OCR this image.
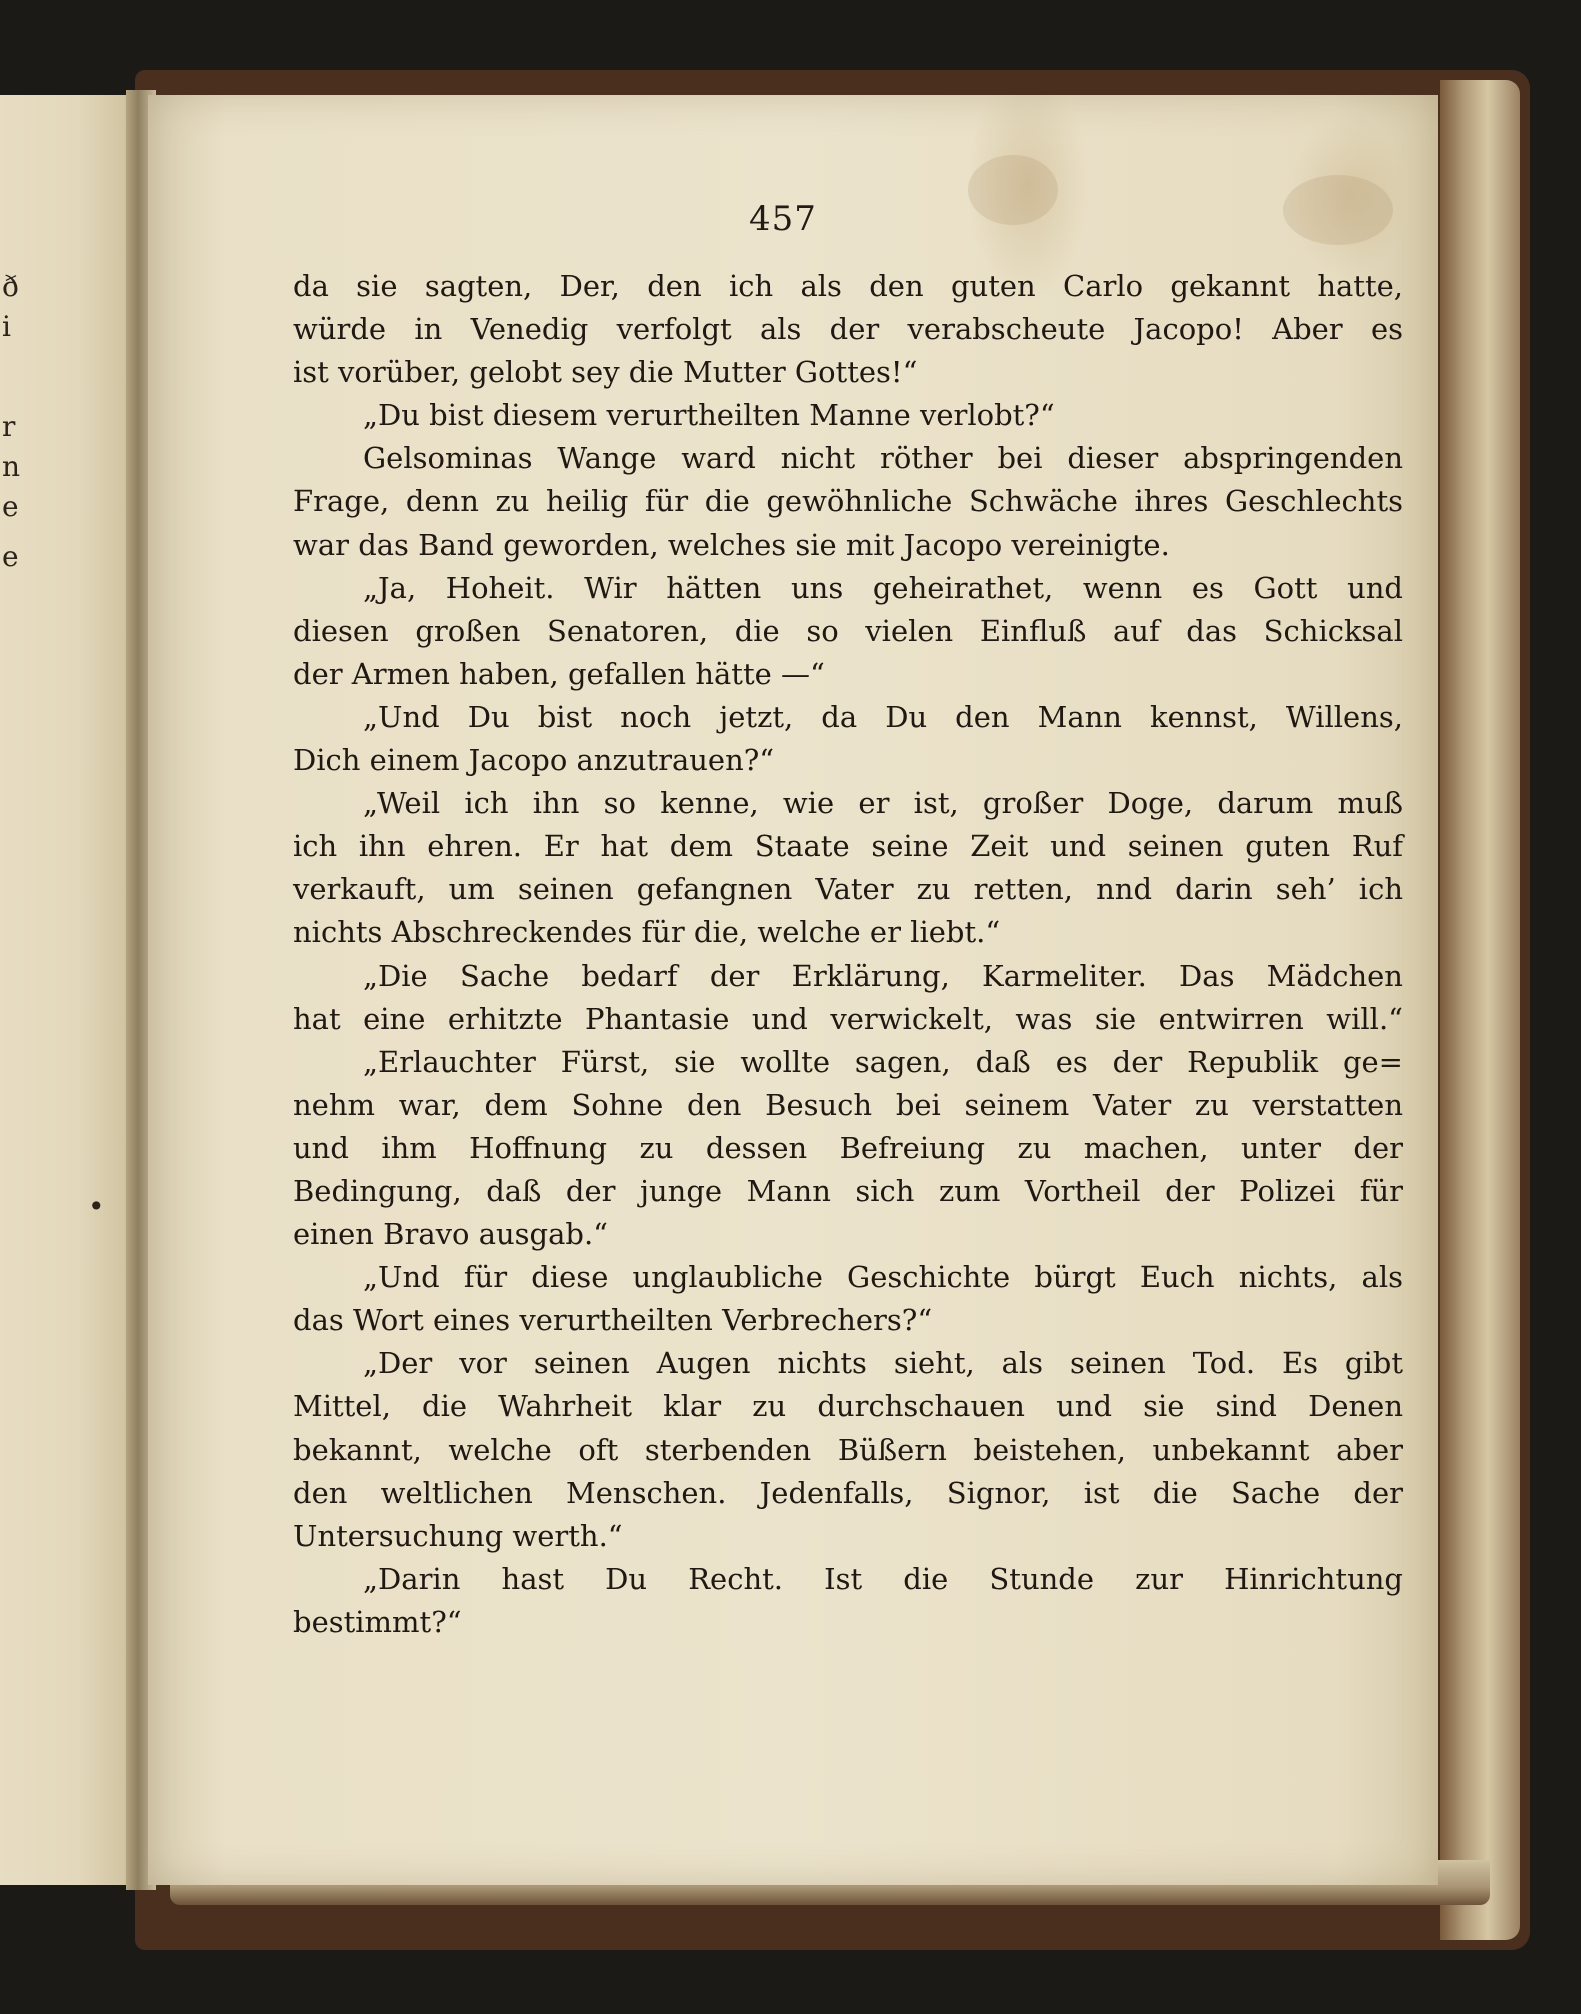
ð
i
r
n
e
e
•
457
da sie sagten, Der, den ich als den guten Carlo gekannt hatte,
würde in Venedig verfolgt als der verabscheute Jacopo! Aber es
ist vorüber, gelobt sey die Mutter Gottes!“
„Du bist diesem verurtheilten Manne verlobt?“
Gelsominas Wange ward nicht röther bei dieser abspringenden
Frage, denn zu heilig für die gewöhnliche Schwäche ihres Geschlechts
war das Band geworden, welches sie mit Jacopo vereinigte.
„Ja, Hoheit. Wir hätten uns geheirathet, wenn es Gott und
diesen großen Senatoren, die so vielen Einfluß auf das Schicksal
der Armen haben, gefallen hätte —“
„Und Du bist noch jetzt, da Du den Mann kennst, Willens,
Dich einem Jacopo anzutrauen?“
„Weil ich ihn so kenne, wie er ist, großer Doge, darum muß
ich ihn ehren. Er hat dem Staate seine Zeit und seinen guten Ruf
verkauft, um seinen gefangnen Vater zu retten, nnd darin seh’ ich
nichts Abschreckendes für die, welche er liebt.“
„Die Sache bedarf der Erklärung, Karmeliter. Das Mädchen
hat eine erhitzte Phantasie und verwickelt, was sie entwirren will.“
„Erlauchter Fürst, sie wollte sagen, daß es der Republik ge=
nehm war, dem Sohne den Besuch bei seinem Vater zu verstatten
und ihm Hoffnung zu dessen Befreiung zu machen, unter der
Bedingung, daß der junge Mann sich zum Vortheil der Polizei für
einen Bravo ausgab.“
„Und für diese unglaubliche Geschichte bürgt Euch nichts, als
das Wort eines verurtheilten Verbrechers?“
„Der vor seinen Augen nichts sieht, als seinen Tod. Es gibt
Mittel, die Wahrheit klar zu durchschauen und sie sind Denen
bekannt, welche oft sterbenden Büßern beistehen, unbekannt aber
den weltlichen Menschen. Jedenfalls, Signor, ist die Sache der
Untersuchung werth.“
„Darin hast Du Recht. Ist die Stunde zur Hinrichtung
bestimmt?“
